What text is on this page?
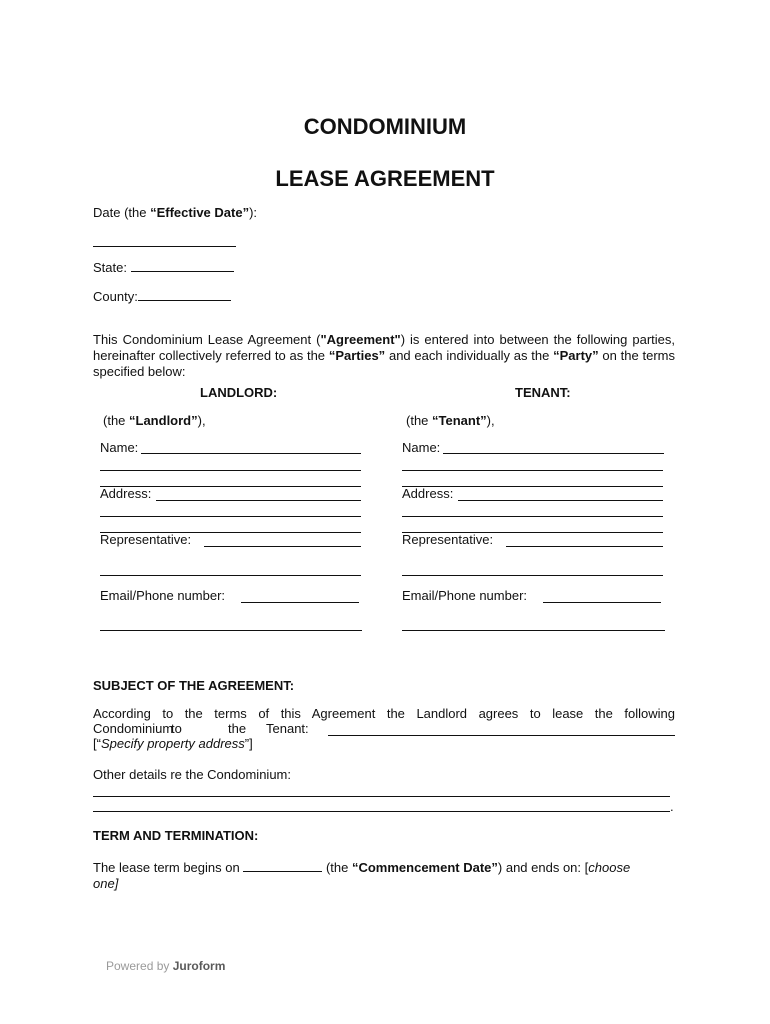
CONDOMINIUM
LEASE AGREEMENT
Date (the “Effective Date”):
State:
County:
This Condominium Lease Agreement ("Agreement") is entered into between the following parties, hereinafter collectively referred to as the “Parties” and each individually as the “Party” on the terms specified below:
LANDLORD:
(the “Landlord”),
Name:
Address:
Representative:
Email/Phone number:
TENANT:
(the “Tenant”),
Name:
Address:
Representative:
Email/Phone number:
SUBJECT OF THE AGREEMENT:
According to the terms of this Agreement the Landlord agrees to lease the following
Condominium
to	the Tenant:
[“Specify property address”]
Other details re the Condominium:
.
TERM AND TERMINATION:
The lease term begins on	(the “Commencement Date”) and ends on: [choose
one]
Powered by Juroform
